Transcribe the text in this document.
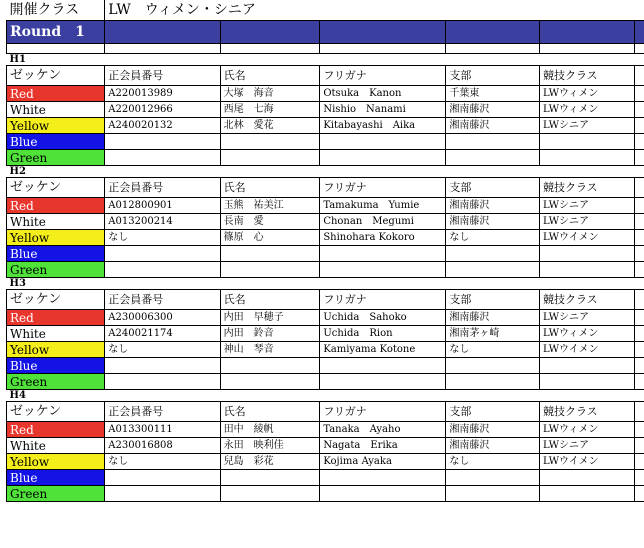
開催クラス	LW　ウィメン・シニア					
Round　1						

H1						
ゼッケン	正会員番号	氏名	フリガナ	支部	競技クラス	
Red	A220013989	大塚　海音	Otsuka　Kanon	千葉東	LWウィメン	
White	A220012966	西尾　七海	Nishio　Nanami	湘南藤沢	LWウィメン	
Yellow	A240020132	北林　愛花	Kitabayashi　Aika	湘南藤沢	LWシニア	
Blue						
Green						
H2						
ゼッケン	正会員番号	氏名	フリガナ	支部	競技クラス	
Red	A012800901	玉熊　祐美江	Tamakuma　Yumie	湘南藤沢	LWシニア	
White	A013200214	長南　愛	Chonan　Megumi	湘南藤沢	LWシニア	
Yellow	なし	篠原　心	Shinohara Kokoro	なし	LWウイメン	
Blue						
Green						
H3						
ゼッケン	正会員番号	氏名	フリガナ	支部	競技クラス	
Red	A230006300	内田　早穂子	Uchida　Sahoko	湘南藤沢	LWシニア	
White	A240021174	内田　鈴音	Uchida　Rion	湘南茅ヶ崎	LWウィメン	
Yellow	なし	神山　琴音	Kamiyama Kotone	なし	LWウイメン	
Blue						
Green						
H4						
ゼッケン	正会員番号	氏名	フリガナ	支部	競技クラス	
Red	A013300111	田中　綾帆	Tanaka　Ayaho	湘南藤沢	LWウィメン	
White	A230016808	永田　映利佳	Nagata　Erika	湘南藤沢	LWシニア	
Yellow	なし	兒島　彩花	Kojima Ayaka	なし	LWウイメン	
Blue						
Green						
